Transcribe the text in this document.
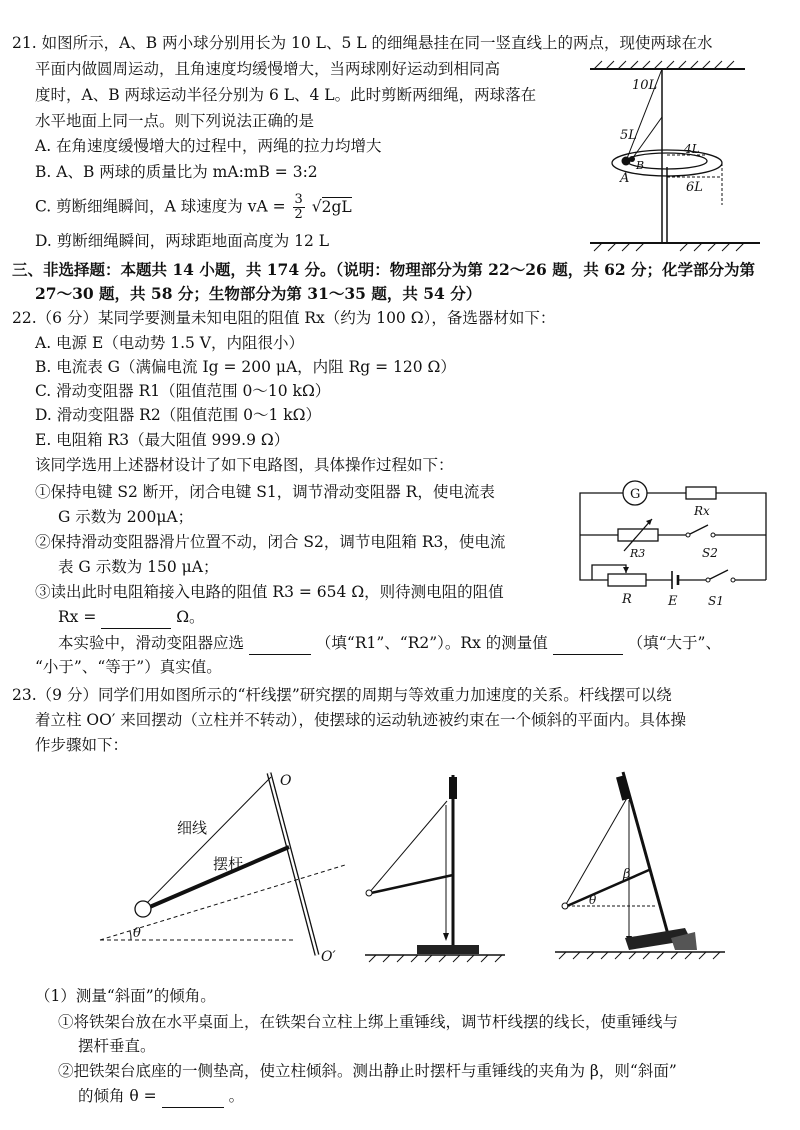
21. 如图所示，A、B 两小球分别用长为 10 L、5 L 的细绳悬挂在同一竖直线上的两点，现使两球在水
平面内做圆周运动，且角速度均缓慢增大，当两球刚好运动到相同高
度时，A、B 两球运动半径分别为 6 L、4 L。此时剪断两细绳，两球落在
水平地面上同一点。则下列说法正确的是
A. 在角速度缓慢增大的过程中，两绳的拉力均增大
B. A、B 两球的质量比为 mA:mB = 3:2
C. 剪断细绳瞬间，A 球速度为 vA = $\frac{3}{2} √2gL$
D. 剪断细绳瞬间，两球距地面高度为 12 L
10L
5L
4L
6L
A
B
三、非选择题：本题共 14 小题，共 174 分。（说明：物理部分为第 22～26 题，共 62 分；化学部分为第
27～30 题，共 58 分；生物部分为第 31～35 题，共 54 分）
22.（6 分）某同学要测量未知电阻的阻值 Rx（约为 100 Ω），备选器材如下：
A. 电源 E（电动势 1.5 V，内阻很小）
B. 电流表 G（满偏电流 Ig = 200 μA，内阻 Rg = 120 Ω）
C. 滑动变阻器 R1（阻值范围 0～10 kΩ）
D. 滑动变阻器 R2（阻值范围 0～1 kΩ）
E. 电阻箱 R3（最大阻值 999.9 Ω）
该同学选用上述器材设计了如下电路图，具体操作过程如下：
①保持电键 S2 断开，闭合电键 S1，调节滑动变阻器 R，使电流表
G 示数为 200μA；
②保持滑动变阻器滑片位置不动，闭合 S2，调节电阻箱 R3，使电流
表 G 示数为 150 μA；
③读出此时电阻箱接入电路的阻值 R3 = 654 Ω，则待测电阻的阻值
Rx =	Ω。
本实验中，滑动变阻器应选	（填“R1”、“R2”）。Rx 的测量值	（填“大于”、
“小于”、“等于”）真实值。
G
Rx
R3	S2
R	E	S1
23.（9 分）同学们用如图所示的“杆线摆”研究摆的周期与等效重力加速度的关系。杆线摆可以绕
着立柱 OO′ 来回摆动（立柱并不转动），使摆球的运动轨迹被约束在一个倾斜的平面内。具体操
作步骤如下：
O
O′
细线
摆杆
θ
β
θ
（1）测量“斜面”的倾角。
①将铁架台放在水平桌面上，在铁架台立柱上绑上重锤线，调节杆线摆的线长，使重锤线与
摆杆垂直。
②把铁架台底座的一侧垫高，使立柱倾斜。测出静止时摆杆与重锤线的夹角为 β，则“斜面”
的倾角 θ =	。
